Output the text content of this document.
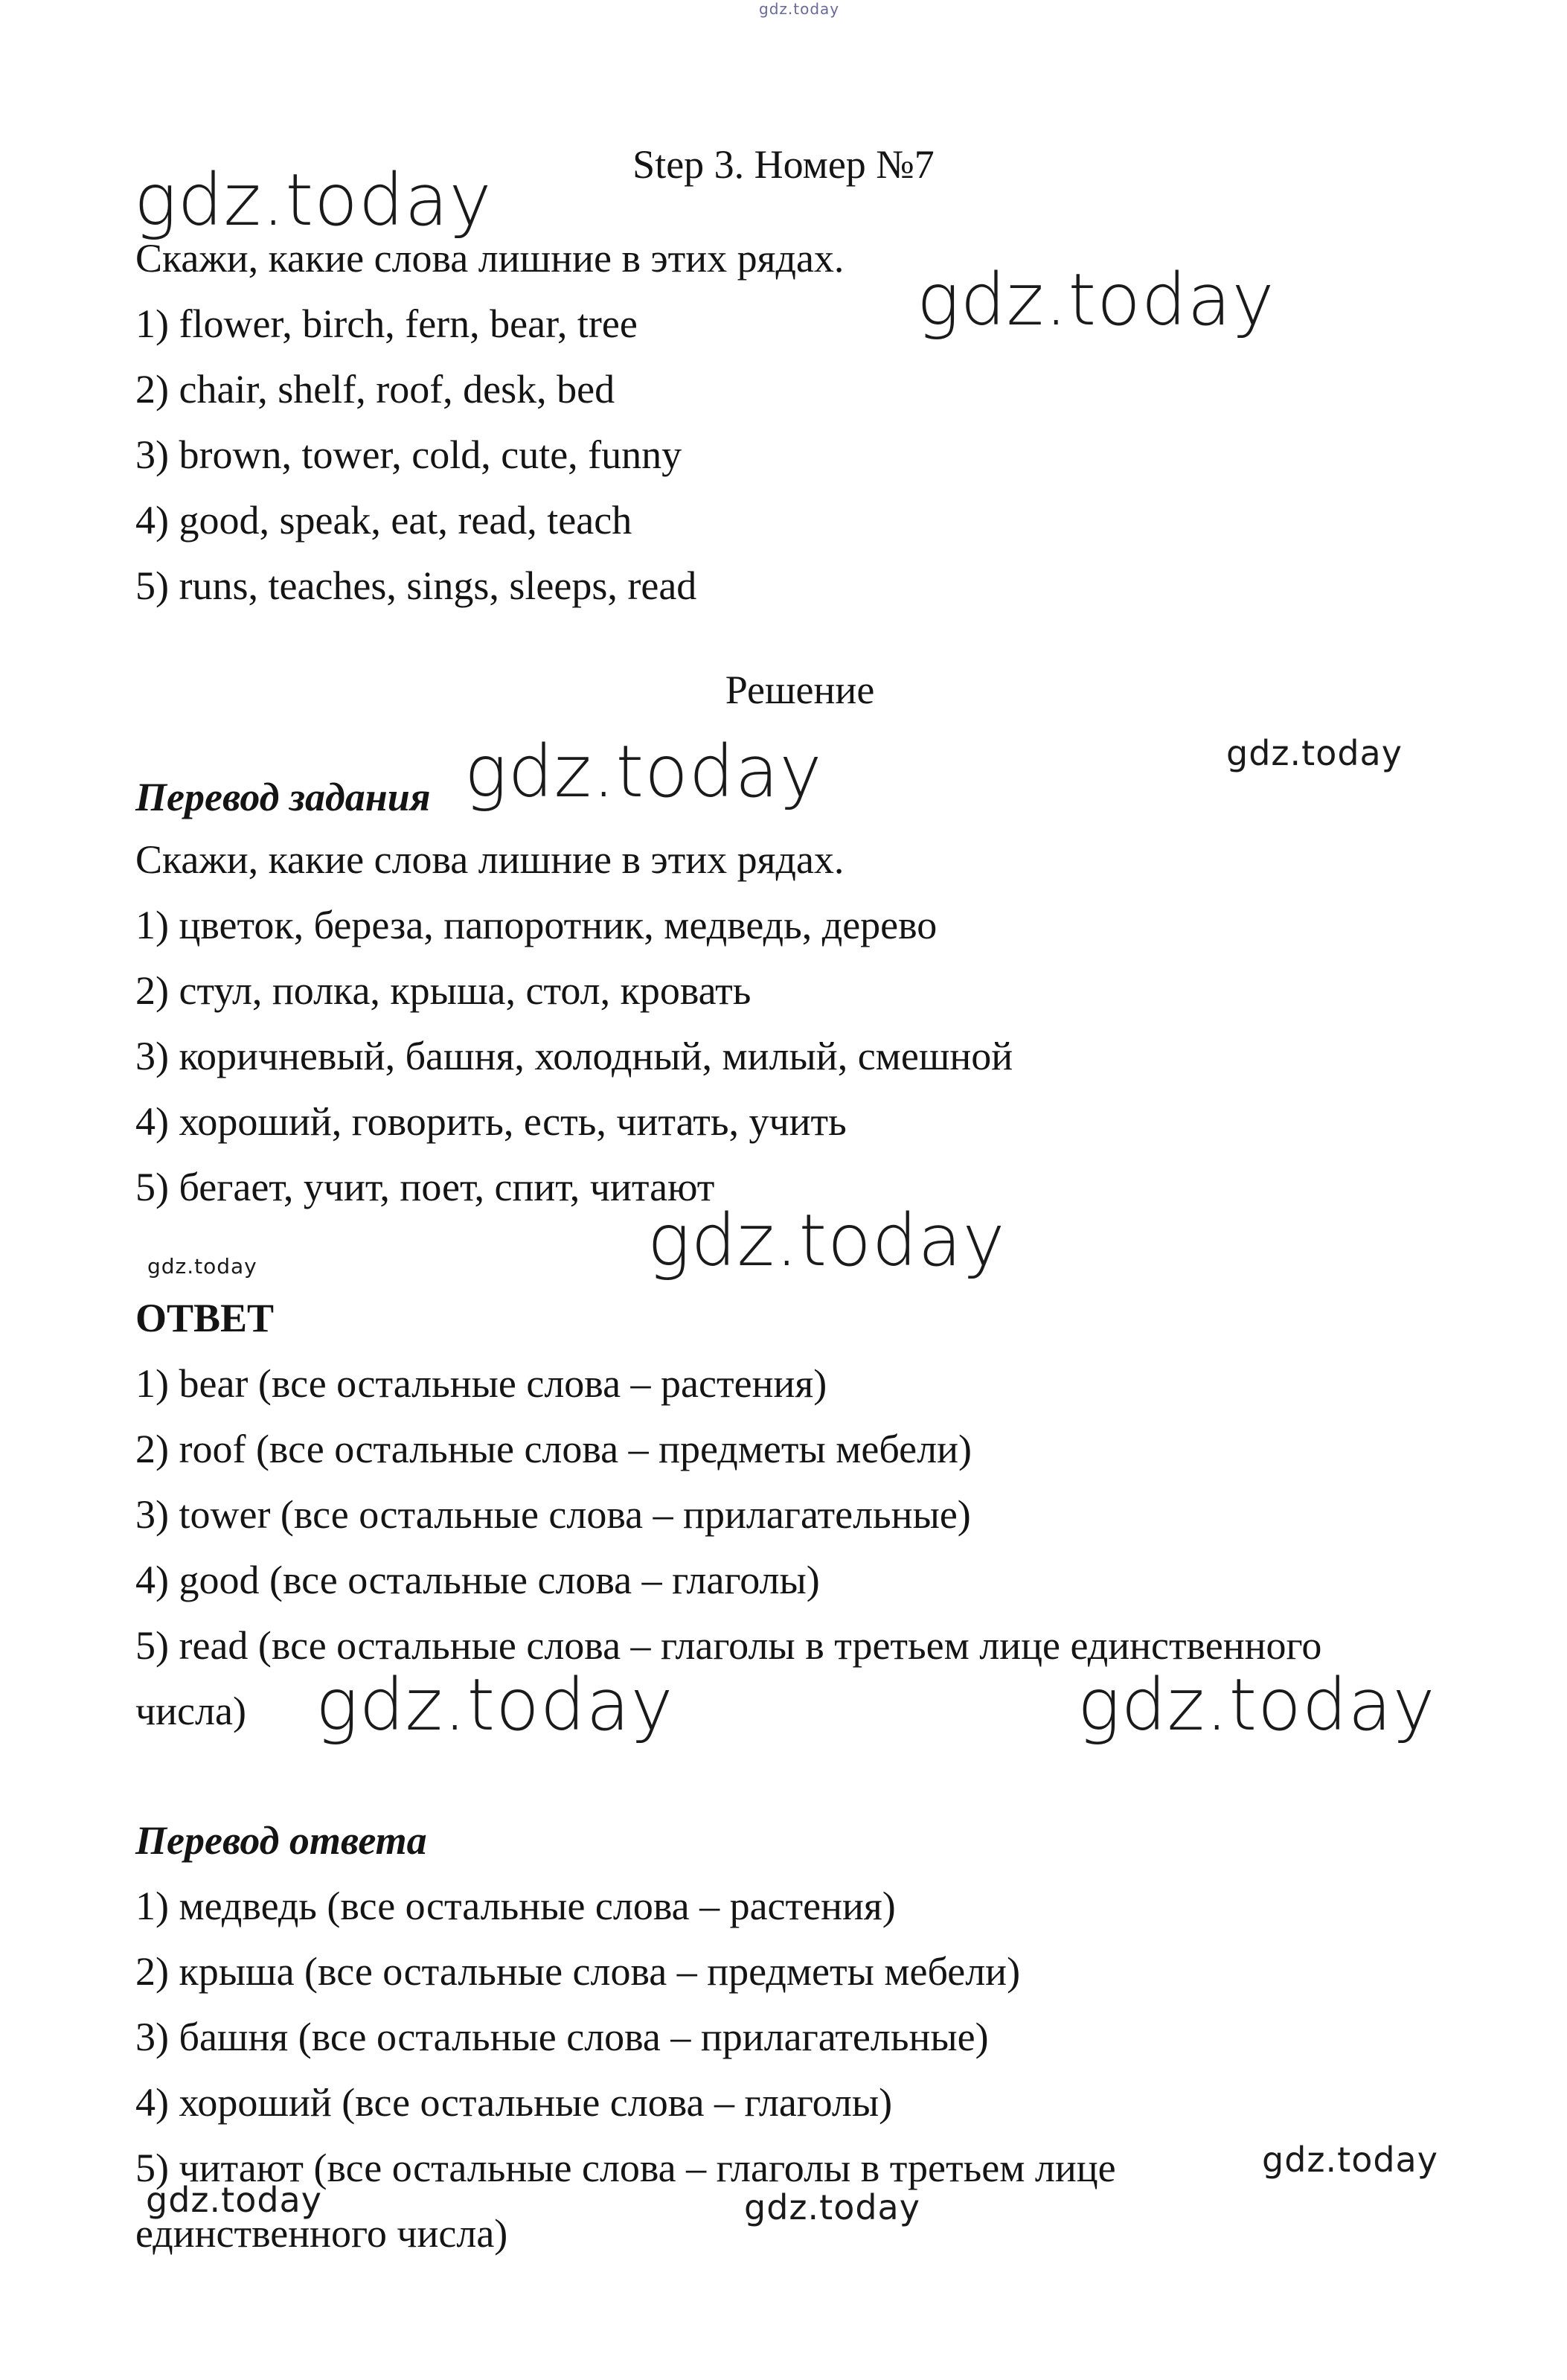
gdz.today
Step 3. Номер №7
Скажи, какие слова лишние в этих рядах.
1) flower, birch, fern, bear, tree
2) chair, shelf, roof, desk, bed
3) brown, tower, cold, cute, funny
4) good, speak, eat, read, teach
5) runs, teaches, sings, sleeps, read
Решение
Перевод задания
Скажи, какие слова лишние в этих рядах.
1) цветок, береза, папоротник, медведь, дерево
2) стул, полка, крыша, стол, кровать
3) коричневый, башня, холодный, милый, смешной
4) хороший, говорить, есть, читать, учить
5) бегает, учит, поет, спит, читают
ОТВЕТ
1) bear (все остальные слова – растения)
2) roof (все остальные слова – предметы мебели)
3) tower (все остальные слова – прилагательные)
4) good (все остальные слова – глаголы)
5) read (все остальные слова – глаголы в третьем лице единственного
числа)
Перевод ответа
1) медведь (все остальные слова – растения)
2) крыша (все остальные слова – предметы мебели)
3) башня (все остальные слова – прилагательные)
4) хороший (все остальные слова – глаголы)
5) читают (все остальные слова – глаголы в третьем лице
единственного числа)
gdz.today
gdz.today
gdz.today	gdz.today
gdz.today
gdz.today
gdz.today	gdz.today
gdz.today
gdz.today	gdz.today
